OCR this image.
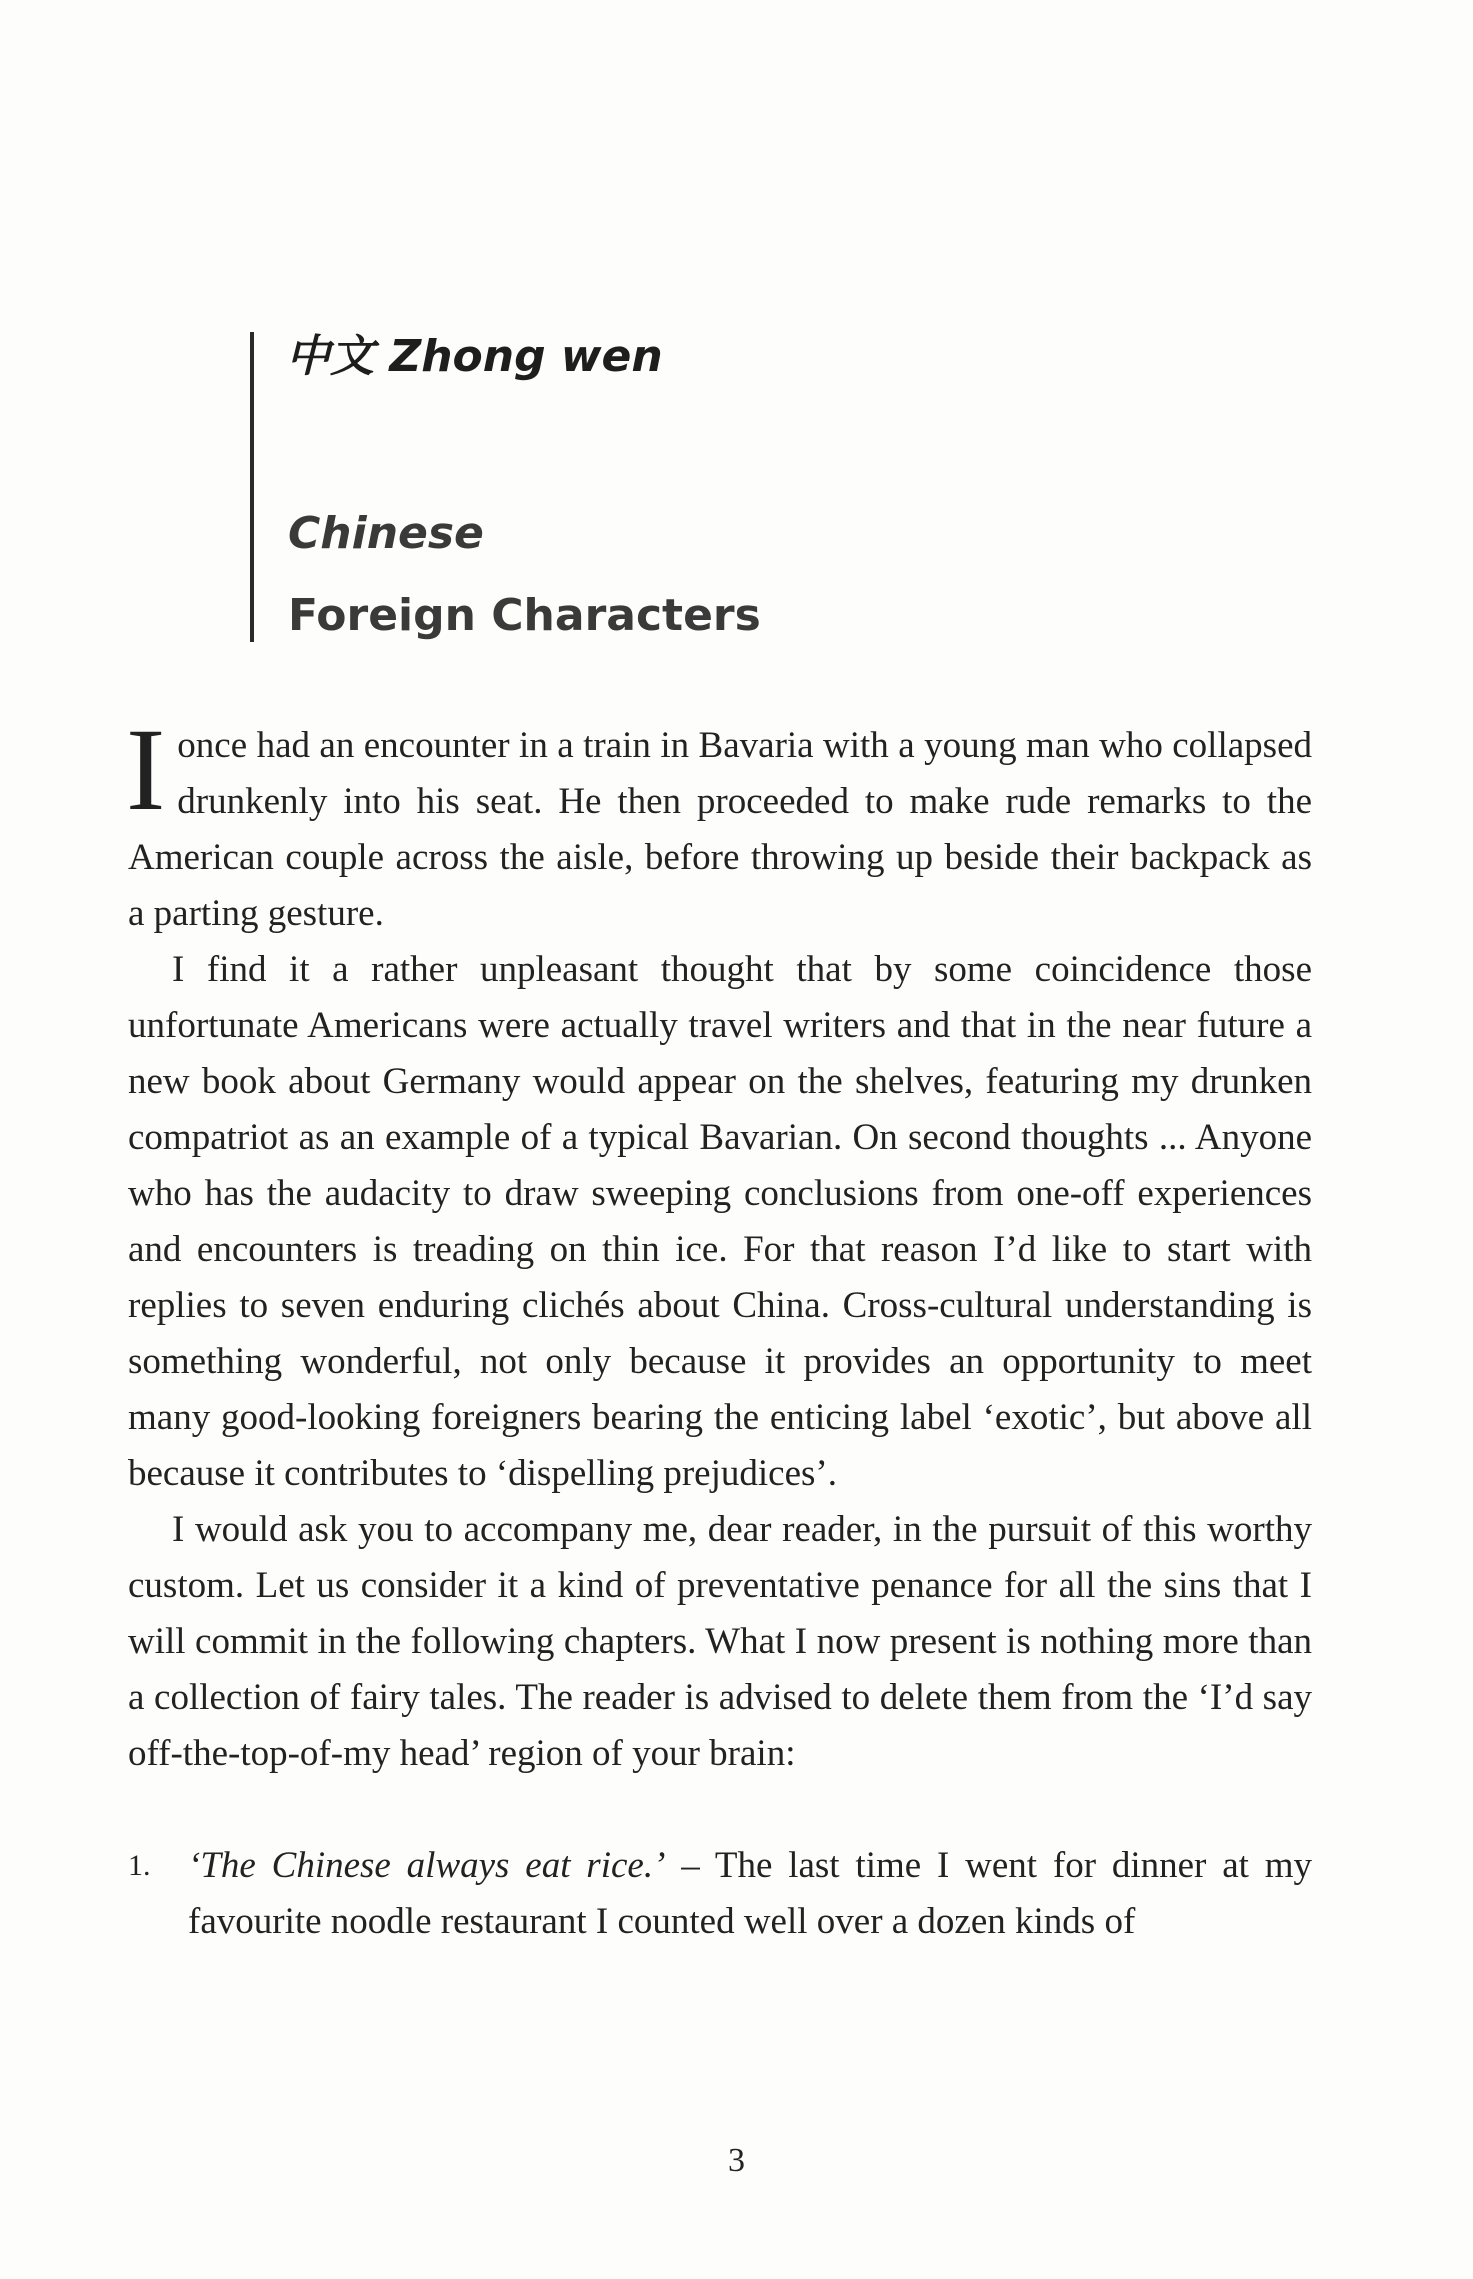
中文 Zhong wen
Chinese
Foreign Characters

Ionce had an encounter in a train in Bavaria with a young man who collapsed drunkenly into his seat. He then proceeded to make rude remarks to the American couple across the aisle, before throwing up beside their backpack as a parting gesture.

I find it a rather unpleasant thought that by some coincidence those unfortunate Americans were actually travel writers and that in the near future a new book about Germany would appear on the shelves, featuring my drunken compatriot as an example of a typical Bavarian. On second thoughts ... Anyone who has the audacity to draw sweeping conclusions from one-off experiences and encounters is treading on thin ice. For that reason I’d like to start with replies to seven enduring clichés about China. Cross-cultural understanding is something wonderful, not only because it provides an opportunity to meet many good-looking foreigners bearing the enticing label ‘exotic’, but above all because it contributes to ‘dispelling prejudices’.

I would ask you to accompany me, dear reader, in the pursuit of this worthy custom. Let us consider it a kind of preventative penance for all the sins that I will commit in the following chapters. What I now present is nothing more than a collection of fairy tales. The reader is advised to delete them from the ‘I’d say off-the-top-of-my head’ region of your brain:

1. ‘The Chinese always eat rice.’ – The last time I went for dinner at my favourite noodle restaurant I counted well over a dozen kinds of

3
